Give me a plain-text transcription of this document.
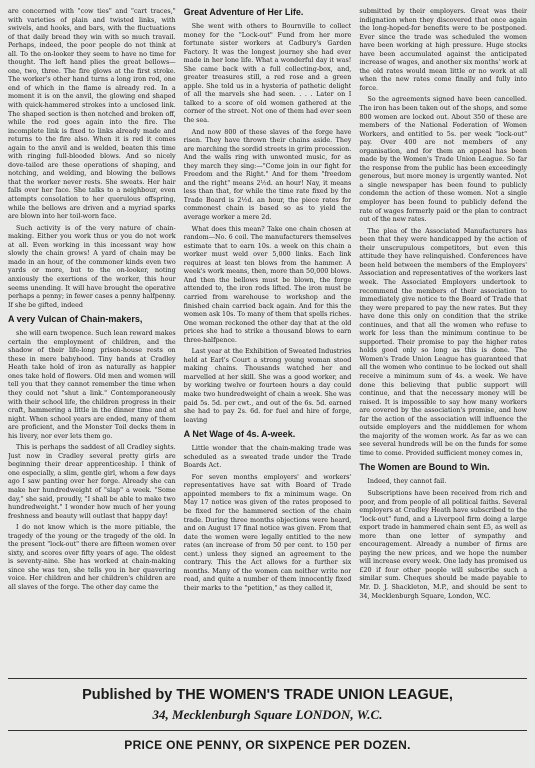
are concerned with "cow ties" and "cart traces," with varieties of plain and twisted links, with swivels, and hooks, and bars, with the fluctuations of that daily bread they win with so much travail. Perhaps, indeed, the poor people do not think at all. To the on-looker they seem to have no time for thought. The left hand plies the great bellows—one, two, three. The fire glows at the first stroke. The worker's other hand turns a long iron rod, one end of which in the flame is already red. In a moment it is on the anvil, the glowing end shaped with quick-hammered strokes into a unclosed link. The shaped section is then notched and broken off, while the rod goes again into the fire. The incomplete link is fixed to links already made and returns to the fire also. When it is red it comes again to the anvil and is welded, beaten this time with ringing full-blooded blows. And so nicely dove-tailed are these operations of shaping, and notching, and welding, and blowing the bellows that the worker never rests. She sweats. Her hair falls over her face. She talks to a neighbour, even attempts consolation to her querulous offspring, while the bellows are driven and a myriad sparks are blown into her toil-worn face.

Such activity is of the very nature of chain-making. Either you work thus or you do not work at all. Even working in this incessant way how slowly the chain grows! A yard of chain may be made in an hour, of the commoner kinds even two yards or more, but to the on-looker, noting anxiously the exertions of the worker, this hour seems unending. It will have brought the operative perhaps a penny; in fewer cases a penny halfpenny. If she be gifted, indeed

A very Vulcan of Chain-makers,

she will earn twopence. Such lean reward makes certain the employment of children, and the shadow of their life-long prison-house rests on these in mere babyhood. Tiny hands at Cradley Heath take hold of iron as naturally as happier ones take hold of flowers. Old men and women will tell you that they cannot remember the time when they could not "shut a link." Contemporaneously with their school life, the children progress in their craft, hammering a little in the dinner time and at night. When school years are ended, many of them are proficient, and the Monster Toil decks them in his livery, nor ever lets them go.

This is perhaps the saddest of all Cradley sights. Just now in Cradley several pretty girls are beginning their drear apprenticeship. I think of one especially, a slim, gentle girl, whom a few days ago I saw panting over her forge. Already she can make her hundredweight of "slap" a week. "Some day," she said, proudly, "I shall be able to make two hundredweight." I wonder how much of her young freshness and beauty will outlast that happy day!

I do not know which is the more pitiable, the tragedy of the young or the tragedy of the old. In the present "lock-out" there are fifteen women over sixty, and scores over fifty years of age. The oldest is seventy-nine. She has worked at chain-making since she was ten, she tells you in her quavering voice. Her children and her children's children are all slaves of the forge. The other day came the

Great Adventure of Her Life.

She went with others to Bournville to collect money for the "Lock-out" Fund from her more fortunate sister workers at Cadbury's Garden Factory. It was the longest journey she had ever made in her lone life. What a wonderful day it was! She came back with a full collecting-box, and, greater treasures still, a red rose and a green apple. She told us in a hysteria of pathetic delight of all the marvels she had seen. . . . Later on I talked to a score of old women gathered at the corner of the street. Not one of them had ever seen the sea.

And now 800 of these slaves of the forge have risen. They have thrown their chains aside. They are marching the sordid streets in grim procession. And the walls ring with unwonted music, for as they march they sing:—"Come join in our fight for Freedom and the Right." And for them "freedom and the right" means 2½d. an hour! Nay, it means less than that, for while the time rate fixed by the Trade Board is 2½d. an hour, the piece rates for commonest chain is based so as to yield the average worker a mere 2d.

What does this mean? Take one chain chosen at random—No. 6 coil. The manufacturers themselves estimate that to earn 10s. a week on this chain a worker must weld over 5,000 links. Each link requires at least ten blows from the hammer. A week's work means, then, more than 50,000 blows. And then the bellows must be blown, the forge attended to, the iron rods lifted. The iron must be carried from warehouse to workshop and the finished chain carried back again. And for this the women ask 10s. To many of them that spells riches. One woman reckoned the other day that at the old prices she had to strike a thousand blows to earn three-halfpence.

Last year at the Exhibition of Sweated Industries held at Earl's Court a strong young woman stood making chains. Thousands watched her and marvelled at her skill. She was a good worker, and by working twelve or fourteen hours a day could make two hundredweight of chain a week. She was paid 5s. 5d. per cwt., and out of the 6s. 5d. earned she had to pay 2s. 6d. for fuel and hire of forge, leaving

A Net Wage of 4s. A-week.

Little wonder that the chain-making trade was scheduled as a sweated trade under the Trade Boards Act.

For seven months employers' and workers' representatives have sat with Board of Trade appointed members to fix a minimum wage. On May 17 notice was given of the rates proposed to be fixed for the hammered section of the chain trade. During three months objections were heard, and on August 17 final notice was given. From that date the women were legally entitled to the new rates (an increase of from 50 per cent. to 150 per cent.) unless they signed an agreement to the contrary. This the Act allows for a further six months. Many of the women can neither write nor read, and quite a number of them innocently fixed their marks to the "petition," as they called it,

submitted by their employers. Great was their indignation when they discovered that once again the long-hoped-for benefits were to be postponed. Ever since the trade was scheduled the women have been working at high pressure. Huge stocks have been accumulated against the anticipated increase of wages, and another six months' work at the old rates would mean little or no work at all when the new rates come finally and fully into force.

So the agreements signed have been cancelled. The iron has been taken out of the shops, and some 800 women are locked out. About 350 of these are members of the National Federation of Women Workers, and entitled to 5s. per week "lock-out" pay. Over 400 are not members of any organisation, and for them an appeal has been made by the Women's Trade Union League. So far the response from the public has been exceedingly generous, but more money is urgently wanted. Not a single newspaper has been found to publicly condemn the action of these women. Not a single employer has been found to publicly defend the rate of wages formerly paid or the plan to contract out of the new rates.

The plea of the Associated Manufacturers has been that they were handicapped by the action of their unscrupulous competitors, but even this attitude they have relinquished. Conferences have been held between the members of the Employers' Association and representatives of the workers last week. The Associated Employers undertook to recommend the members of their association to immediately give notice to the Board of Trade that they were prepared to pay the new rates. But they have done this only on condition that the strike continues, and that all the women who refuse to work for less than the minimum continue to be supported. Their promise to pay the higher rates holds good only so long as this is done. The Women's Trade Union League has guaranteed that all the women who continue to be locked out shall receive a minimum sum of 4s. a week. We have done this believing that public support will continue, and that the necessary money will be raised. It is impossible to say how many workers are covered by the association's promise, and how far the action of the association will influence the outside employers and the middlemen for whom the majority of the women work. As far as we can see several hundreds will be on the funds for some time to come. Provided sufficient money comes in,

The Women are Bound to Win.

Indeed, they cannot fail.

Subscriptions have been received from rich and poor, and from people of all political faiths. Several employers at Cradley Heath have subscribed to the "lock-out" fund, and a Liverpool firm doing a large export trade in hammered chain sent £5, as well as more than one letter of sympathy and encouragement. Already a number of firms are paying the new prices, and we hope the number will increase every week. One lady has promised us £20 if four other people will subscribe such a similar sum. Cheques should be made payable to Mr. D. J. Shackleton, M.P., and should be sent to 34, Mecklenburgh Square, London, W.C.

Published by THE WOMEN'S TRADE UNION LEAGUE,
34, Mecklenburgh Square LONDON, W.C.
PRICE ONE PENNY, OR SIXPENCE PER DOZEN.
